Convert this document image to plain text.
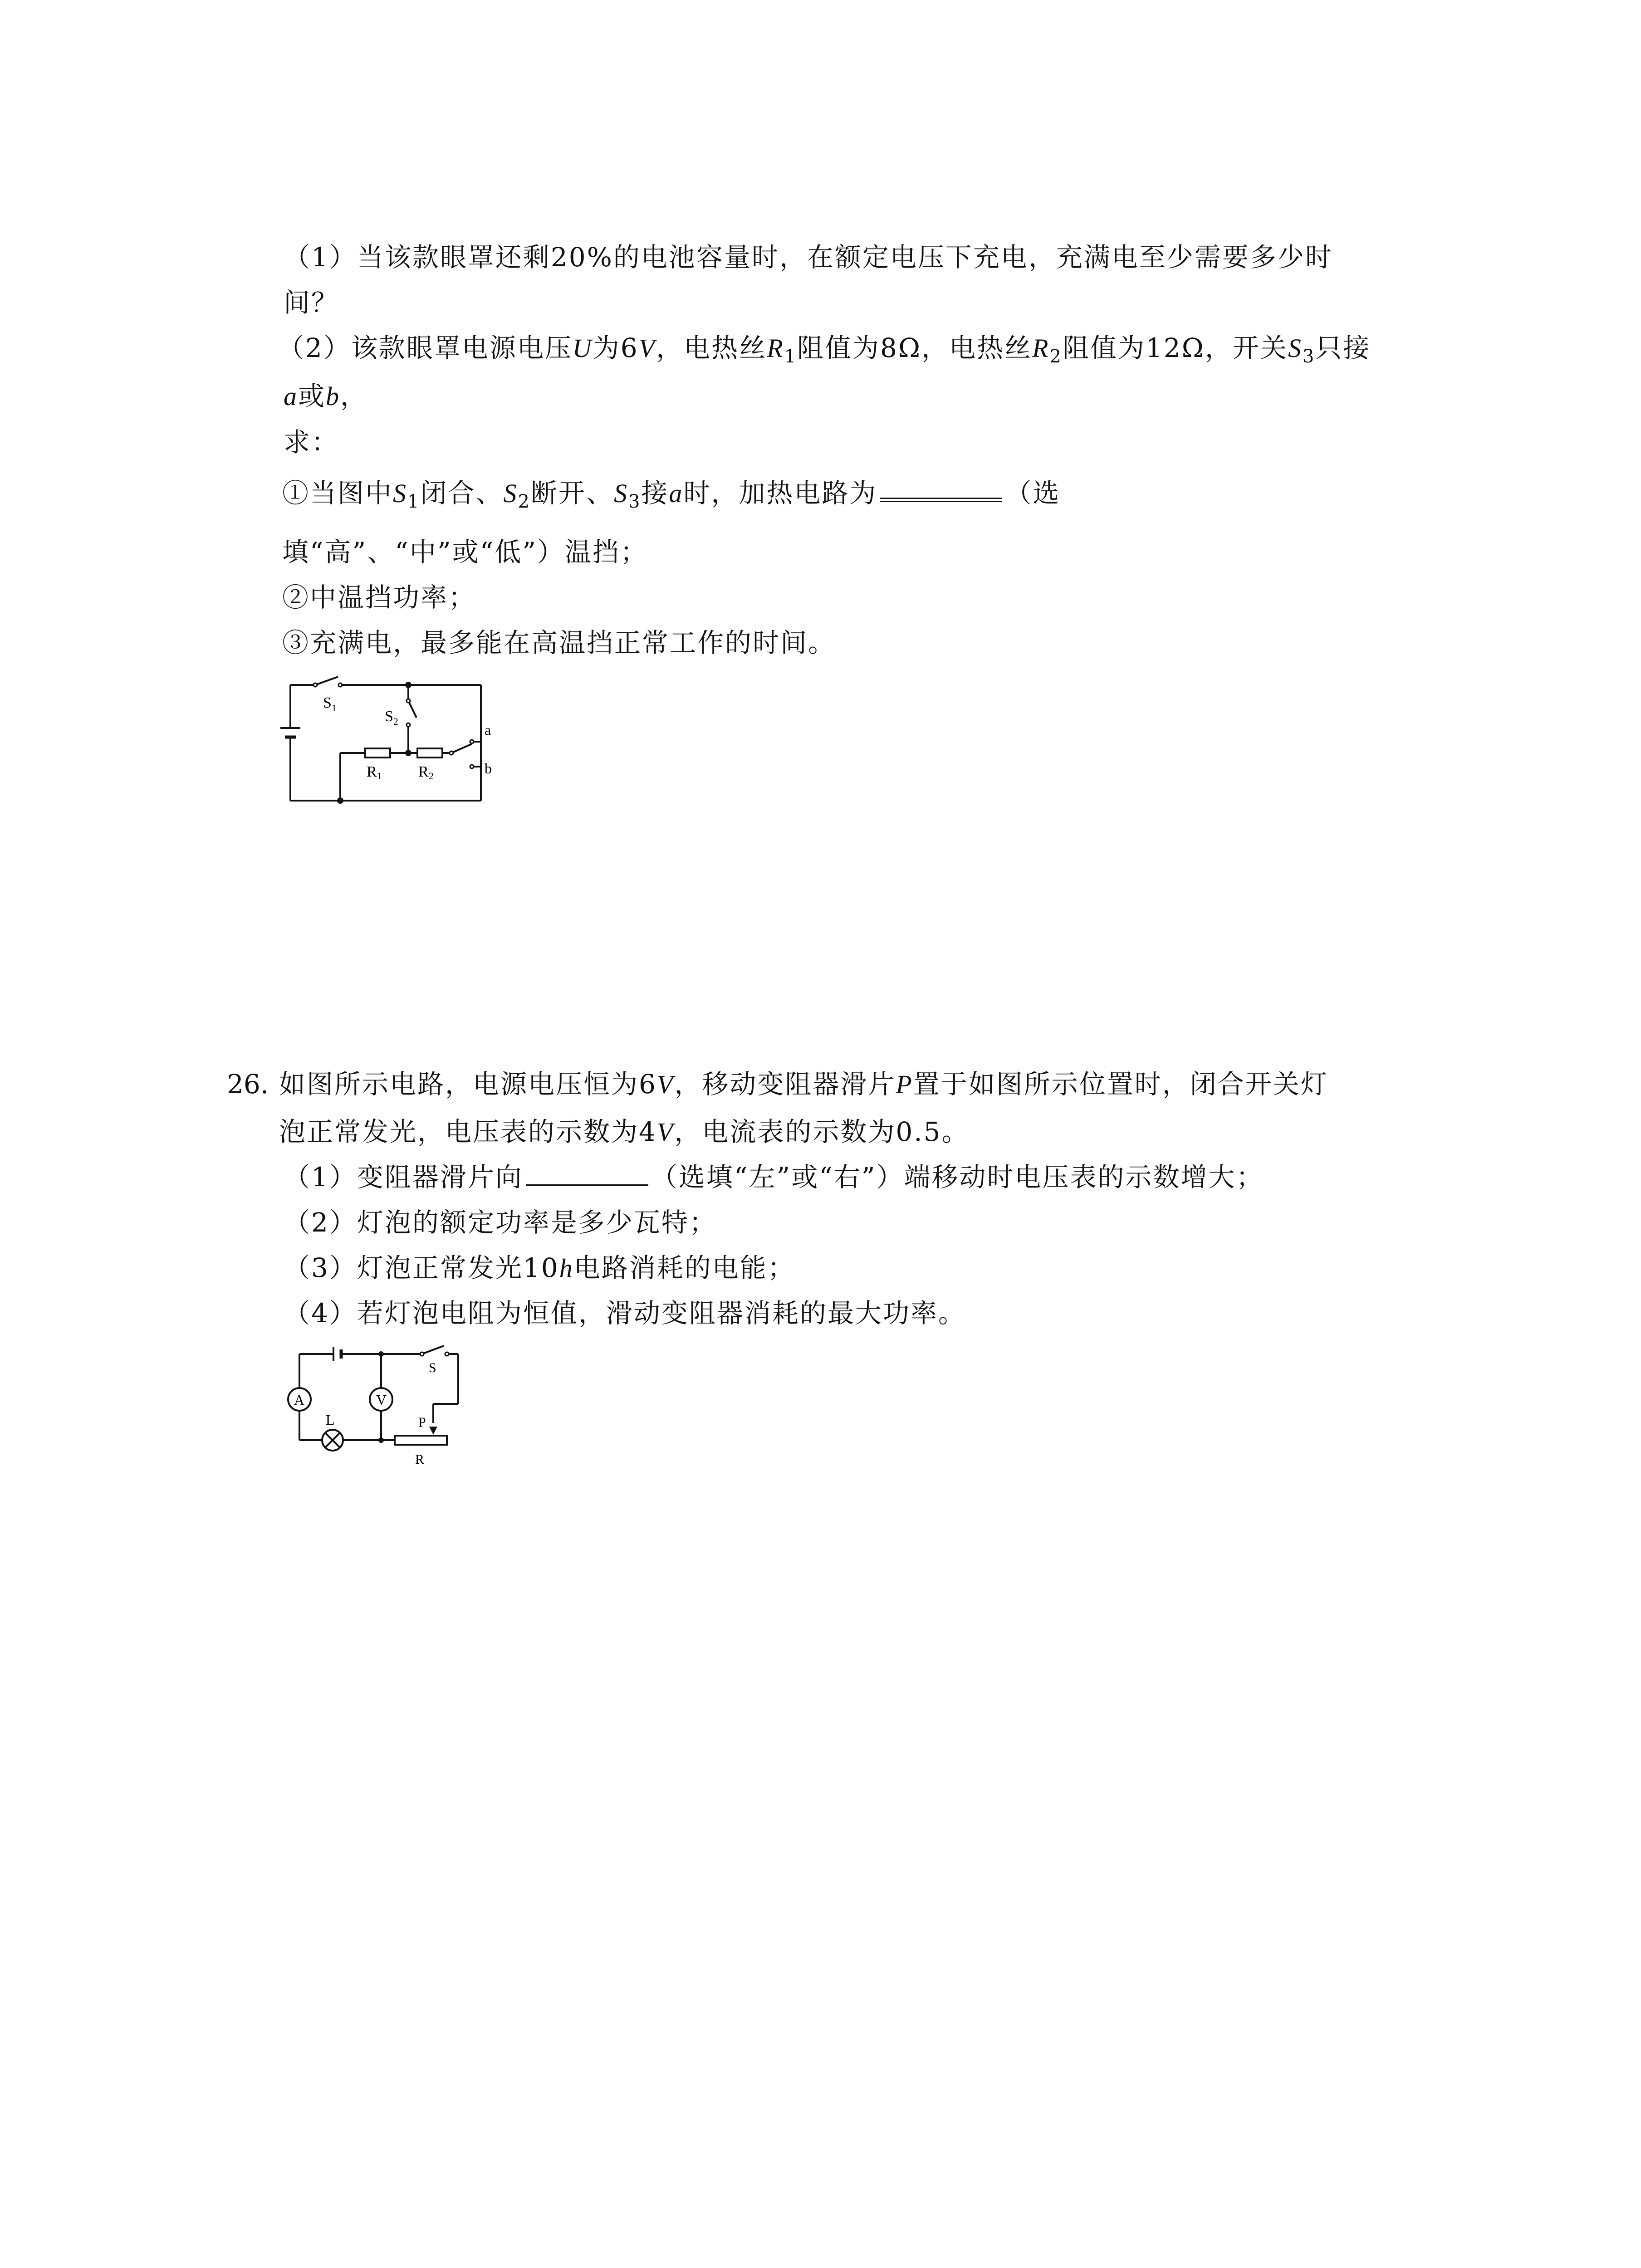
（1）当该款眼罩还剩20%的电池容量时，在额定电压下充电，充满电至少需要多少时
间？
（2）该款眼罩电源电压U为6V，电热丝$R_1$阻值为8Ω，电热丝$R_2$阻值为12Ω，开关$S_3$只接
a或b，
求：
①当图中$S_1$闭合、$S_2$断开、$S_3$接a时，加热电路为	（选
填“高”、“中”或“低”）温挡；
②中温挡功率；
③充满电，最多能在高温挡正常工作的时间。
$S_1$
$S_2$
R1 R2
a
b
26. 如图所示电路，电源电压恒为6V，移动变阻器滑片P置于如图所示位置时，闭合开关灯
泡正常发光，电压表的示数为4V，电流表的示数为0.5。
（1）变阻器滑片向	（选填“左”或“右”）端移动时电压表的示数增大；
（2）灯泡的额定功率是多少瓦特；
（3）灯泡正常发光10h电路消耗的电能；
（4）若灯泡电阻为恒值，滑动变阻器消耗的最大功率。
A	V
L
S
P
R
